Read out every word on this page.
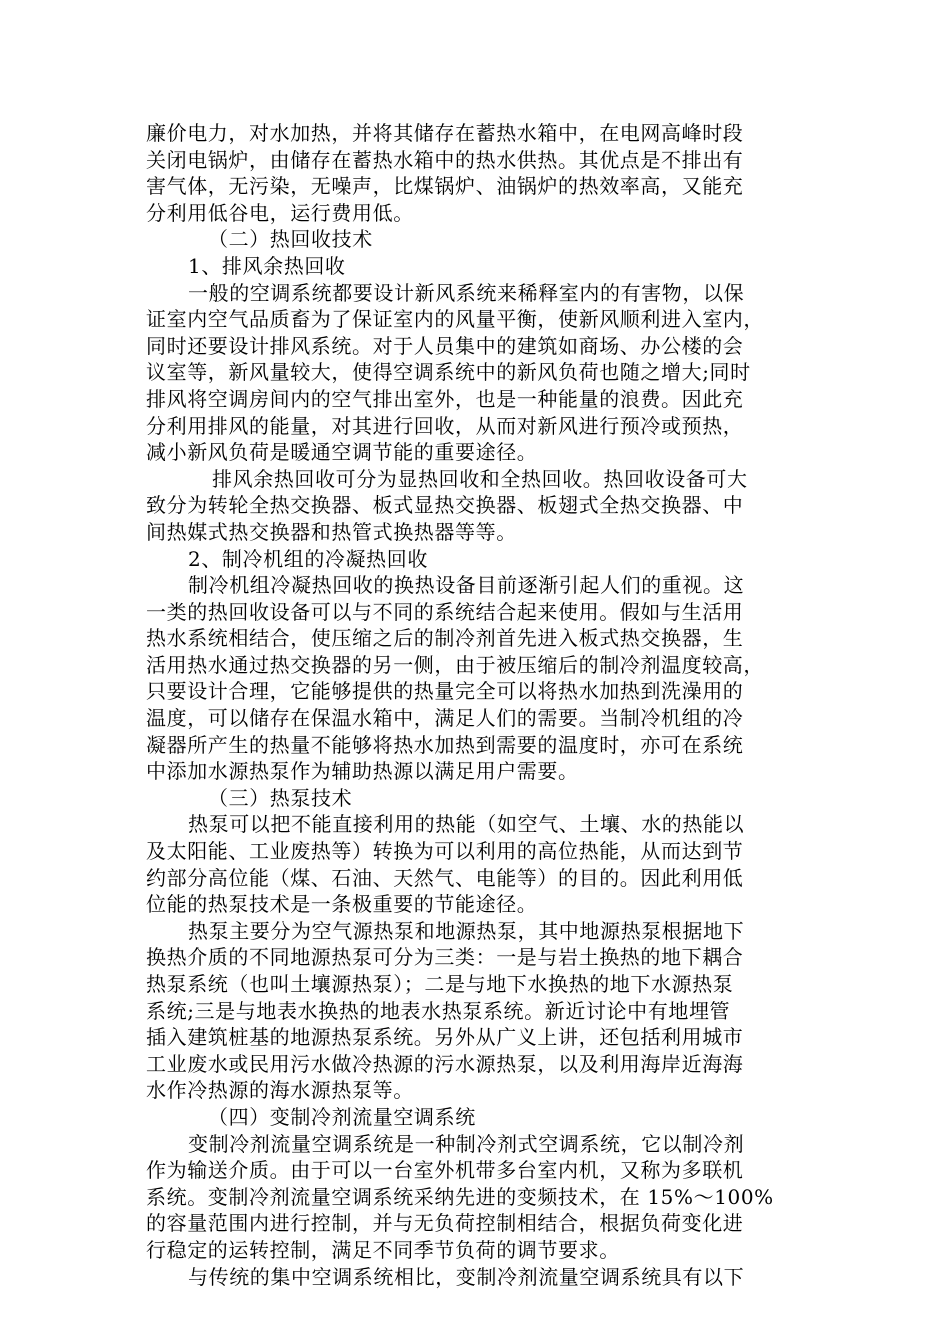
廉价电力，对水加热，并将其储存在蓄热水箱中，在电网高峰时段
关闭电锅炉，由储存在蓄热水箱中的热水供热。其优点是不排出有
害气体，无污染，无噪声，比煤锅炉、油锅炉的热效率高，又能充
分利用低谷电，运行费用低。
（二）热回收技术
1、排风余热回收
一般的空调系统都要设计新风系统来稀释室内的有害物，以保
证室内空气品质畜为了保证室内的风量平衡，使新风顺利进入室内，
同时还要设计排风系统。对于人员集中的建筑如商场、办公楼的会
议室等，新风量较大，使得空调系统中的新风负荷也随之增大;同时
排风将空调房间内的空气排出室外，也是一种能量的浪费。因此充
分利用排风的能量，对其进行回收，从而对新风进行预冷或预热，
减小新风负荷是暖通空调节能的重要途径。
排风余热回收可分为显热回收和全热回收。热回收设备可大
致分为转轮全热交换器、板式显热交换器、板翅式全热交换器、中
间热媒式热交换器和热管式换热器等等。
2、制冷机组的冷凝热回收
制冷机组冷凝热回收的换热设备目前逐渐引起人们的重视。这
一类的热回收设备可以与不同的系统结合起来使用。假如与生活用
热水系统相结合，使压缩之后的制冷剂首先进入板式热交换器，生
活用热水通过热交换器的另一侧，由于被压缩后的制冷剂温度较高，
只要设计合理，它能够提供的热量完全可以将热水加热到洗澡用的
温度，可以储存在保温水箱中，满足人们的需要。当制冷机组的冷
凝器所产生的热量不能够将热水加热到需要的温度时，亦可在系统
中添加水源热泵作为辅助热源以满足用户需要。
（三）热泵技术
热泵可以把不能直接利用的热能（如空气、土壤、水的热能以
及太阳能、工业废热等）转换为可以利用的高位热能，从而达到节
约部分高位能（煤、石油、天然气、电能等）的目的。因此利用低
位能的热泵技术是一条极重要的节能途径。
热泵主要分为空气源热泵和地源热泵，其中地源热泵根据地下
换热介质的不同地源热泵可分为三类：一是与岩土换热的地下耦合
热泵系统（也叫土壤源热泵）；二是与地下水换热的地下水源热泵
系统;三是与地表水换热的地表水热泵系统。新近讨论中有地埋管
插入建筑桩基的地源热泵系统。另外从广义上讲，还包括利用城市
工业废水或民用污水做冷热源的污水源热泵，以及利用海岸近海海
水作冷热源的海水源热泵等。
（四）变制冷剂流量空调系统
变制冷剂流量空调系统是一种制冷剂式空调系统，它以制冷剂
作为输送介质。由于可以一台室外机带多台室内机，又称为多联机
系统。变制冷剂流量空调系统采纳先进的变频技术，在 15%～100%
的容量范围内进行控制，并与无负荷控制相结合，根据负荷变化进
行稳定的运转控制，满足不同季节负荷的调节要求。
与传统的集中空调系统相比，变制冷剂流量空调系统具有以下
